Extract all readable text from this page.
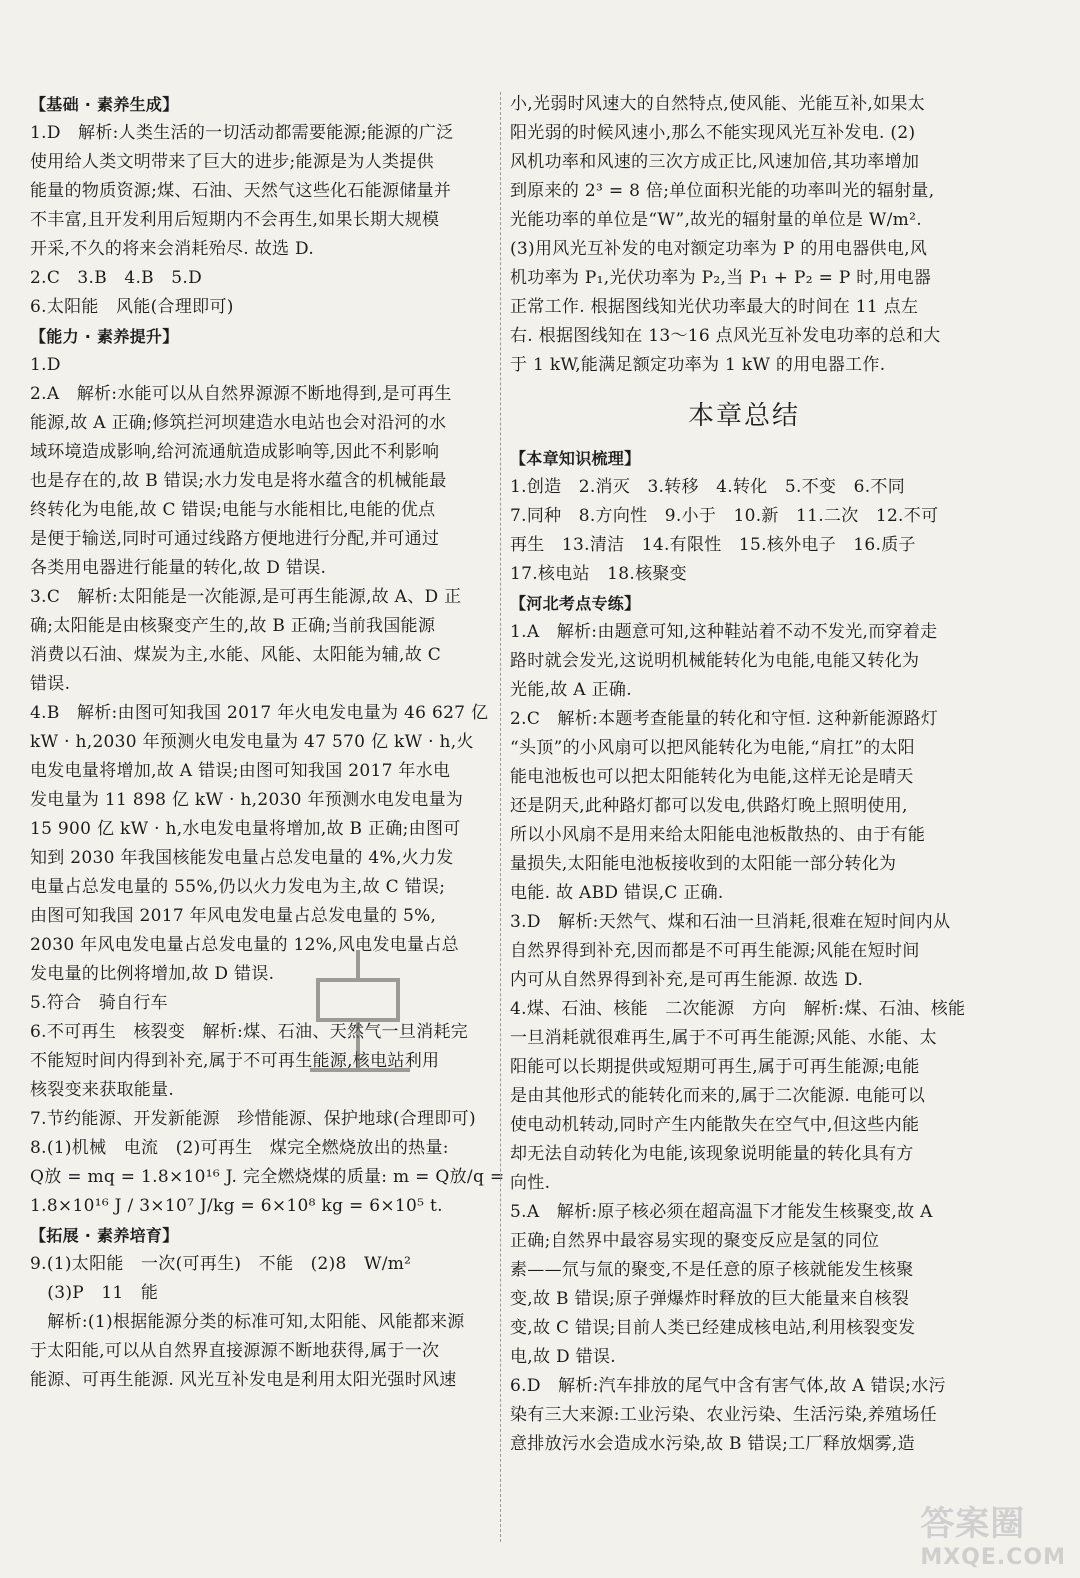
【基础 · 素养生成】
1.D　解析:人类生活的一切活动都需要能源;能源的广泛
使用给人类文明带来了巨大的进步;能源是为人类提供
能量的物质资源;煤、石油、天然气这些化石能源储量并
不丰富,且开发利用后短期内不会再生,如果长期大规模
开采,不久的将来会消耗殆尽. 故选 D.
2.C　3.B　4.B　5.D
6.太阳能　风能(合理即可)
【能力 · 素养提升】
1.D
2.A　解析:水能可以从自然界源源不断地得到,是可再生
能源,故 A 正确;修筑拦河坝建造水电站也会对沿河的水
域环境造成影响,给河流通航造成影响等,因此不利影响
也是存在的,故 B 错误;水力发电是将水蕴含的机械能最
终转化为电能,故 C 错误;电能与水能相比,电能的优点
是便于输送,同时可通过线路方便地进行分配,并可通过
各类用电器进行能量的转化,故 D 错误.
3.C　解析:太阳能是一次能源,是可再生能源,故 A、D 正
确;太阳能是由核聚变产生的,故 B 正确;当前我国能源
消费以石油、煤炭为主,水能、风能、太阳能为辅,故 C
错误.
4.B　解析:由图可知我国 2017 年火电发电量为 46 627 亿
kW · h,2030 年预测火电发电量为 47 570 亿 kW · h,火
电发电量将增加,故 A 错误;由图可知我国 2017 年水电
发电量为 11 898 亿 kW · h,2030 年预测水电发电量为
15 900 亿 kW · h,水电发电量将增加,故 B 正确;由图可
知到 2030 年我国核能发电量占总发电量的 4%,火力发
电量占总发电量的 55%,仍以火力发电为主,故 C 错误;
由图可知我国 2017 年风电发电量占总发电量的 5%,
2030 年风电发电量占总发电量的 12%,风电发电量占总
发电量的比例将增加,故 D 错误.
5.符合　骑自行车
6.不可再生　核裂变　解析:煤、石油、天然气一旦消耗完
不能短时间内得到补充,属于不可再生能源,核电站利用
核裂变来获取能量.
7.节约能源、开发新能源　珍惜能源、保护地球(合理即可)
8.(1)机械　电流　(2)可再生　煤完全燃烧放出的热量:
Q放 = mq = 1.8×10¹⁶ J. 完全燃烧煤的质量: m = Q放/q =
1.8×10¹⁶ J / 3×10⁷ J/kg = 6×10⁸ kg = 6×10⁵ t.
【拓展 · 素养培育】
9.(1)太阳能　一次(可再生)　不能　(2)8　W/m²
　(3)P　11　能
　解析:(1)根据能源分类的标准可知,太阳能、风能都来源
于太阳能,可以从自然界直接源源不断地获得,属于一次
能源、可再生能源. 风光互补发电是利用太阳光强时风速
小,光弱时风速大的自然特点,使风能、光能互补,如果太
阳光弱的时候风速小,那么不能实现风光互补发电. (2)
风机功率和风速的三次方成正比,风速加倍,其功率增加
到原来的 2³ = 8 倍;单位面积光能的功率叫光的辐射量,
光能功率的单位是“W”,故光的辐射量的单位是 W/m².
(3)用风光互补发的电对额定功率为 P 的用电器供电,风
机功率为 P₁,光伏功率为 P₂,当 P₁ + P₂ = P 时,用电器
正常工作. 根据图线知光伏功率最大的时间在 11 点左
右. 根据图线知在 13～16 点风光互补发电功率的总和大
于 1 kW,能满足额定功率为 1 kW 的用电器工作.
本章总结
【本章知识梳理】
1.创造　2.消灭　3.转移　4.转化　5.不变　6.不同
7.同种　8.方向性　9.小于　10.新　11.二次　12.不可
再生　13.清洁　14.有限性　15.核外电子　16.质子
17.核电站　18.核聚变
【河北考点专练】
1.A　解析:由题意可知,这种鞋站着不动不发光,而穿着走
路时就会发光,这说明机械能转化为电能,电能又转化为
光能,故 A 正确.
2.C　解析:本题考查能量的转化和守恒. 这种新能源路灯
“头顶”的小风扇可以把风能转化为电能,“肩扛”的太阳
能电池板也可以把太阳能转化为电能,这样无论是晴天
还是阴天,此种路灯都可以发电,供路灯晚上照明使用,
所以小风扇不是用来给太阳能电池板散热的、由于有能
量损失,太阳能电池板接收到的太阳能一部分转化为
电能. 故 ABD 错误,C 正确.
3.D　解析:天然气、煤和石油一旦消耗,很难在短时间内从
自然界得到补充,因而都是不可再生能源;风能在短时间
内可从自然界得到补充,是可再生能源. 故选 D.
4.煤、石油、核能　二次能源　方向　解析:煤、石油、核能
一旦消耗就很难再生,属于不可再生能源;风能、水能、太
阳能可以长期提供或短期可再生,属于可再生能源;电能
是由其他形式的能转化而来的,属于二次能源. 电能可以
使电动机转动,同时产生内能散失在空气中,但这些内能
却无法自动转化为电能,该现象说明能量的转化具有方
向性.
5.A　解析:原子核必须在超高温下才能发生核聚变,故 A
正确;自然界中最容易实现的聚变反应是氢的同位
素——氘与氚的聚变,不是任意的原子核就能发生核聚
变,故 B 错误;原子弹爆炸时释放的巨大能量来自核裂
变,故 C 错误;目前人类已经建成核电站,利用核裂变发
电,故 D 错误.
6.D　解析:汽车排放的尾气中含有害气体,故 A 错误;水污
染有三大来源:工业污染、农业污染、生活污染,养殖场任
意排放污水会造成水污染,故 B 错误;工厂释放烟雾,造
答案圈
MXQE.COM
